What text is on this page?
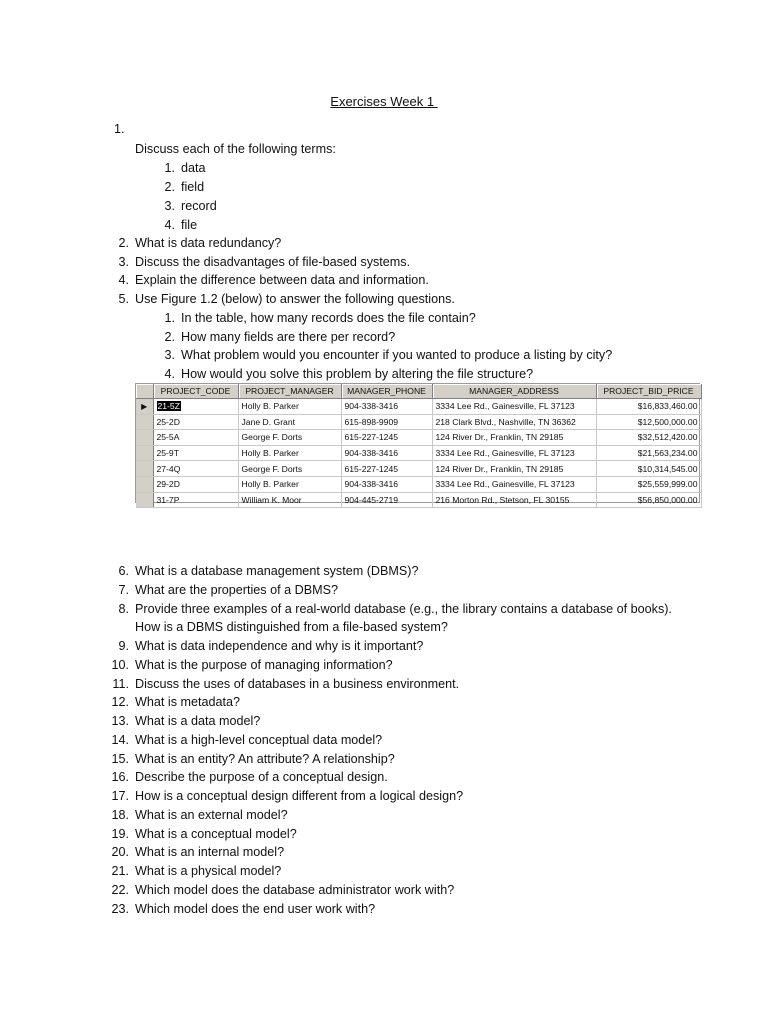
Exercises Week 1
1.
Discuss each of the following terms:
1. data
2. field
3. record
4. file
2. What is data redundancy?
3. Discuss the disadvantages of file-based systems.
4. Explain the difference between data and information.
5. Use Figure 1.2 (below) to answer the following questions.
1. In the table, how many records does the file contain?
2. How many fields are there per record?
3. What problem would you encounter if you wanted to produce a listing by city?
4. How would you solve this problem by altering the file structure?
	PROJECT_CODE	PROJECT_MANAGER	MANAGER_PHONE	MANAGER_ADDRESS	PROJECT_BID_PRICE
▶	21-5Z	Holly B. Parker	904-338-3416	3334 Lee Rd., Gainesville, FL 37123	$16,833,460.00
	25-2D	Jane D. Grant	615-898-9909	218 Clark Blvd., Nashville, TN 36362	$12,500,000.00
	25-5A	George F. Dorts	615-227-1245	124 River Dr., Franklin, TN 29185	$32,512,420.00
	25-9T	Holly B. Parker	904-338-3416	3334 Lee Rd., Gainesville, FL 37123	$21,563,234.00
	27-4Q	George F. Dorts	615-227-1245	124 River Dr., Franklin, TN 29185	$10,314,545.00
	29-2D	Holly B. Parker	904-338-3416	3334 Lee Rd., Gainesville, FL 37123	$25,559,999.00
	31-7P	William K. Moor	904-445-2719	216 Morton Rd., Stetson, FL 30155	$56,850,000.00
6. What is a database management system (DBMS)?
7. What are the properties of a DBMS?
8. Provide three examples of a real-world database (e.g., the library contains a database of books).
How is a DBMS distinguished from a file-based system?
9. What is data independence and why is it important?
10. What is the purpose of managing information?
11. Discuss the uses of databases in a business environment.
12. What is metadata?
13. What is a data model?
14. What is a high-level conceptual data model?
15. What is an entity? An attribute? A relationship?
16. Describe the purpose of a conceptual design.
17. How is a conceptual design different from a logical design?
18. What is an external model?
19. What is a conceptual model?
20. What is an internal model?
21. What is a physical model?
22. Which model does the database administrator work with?
23. Which model does the end user work with?
